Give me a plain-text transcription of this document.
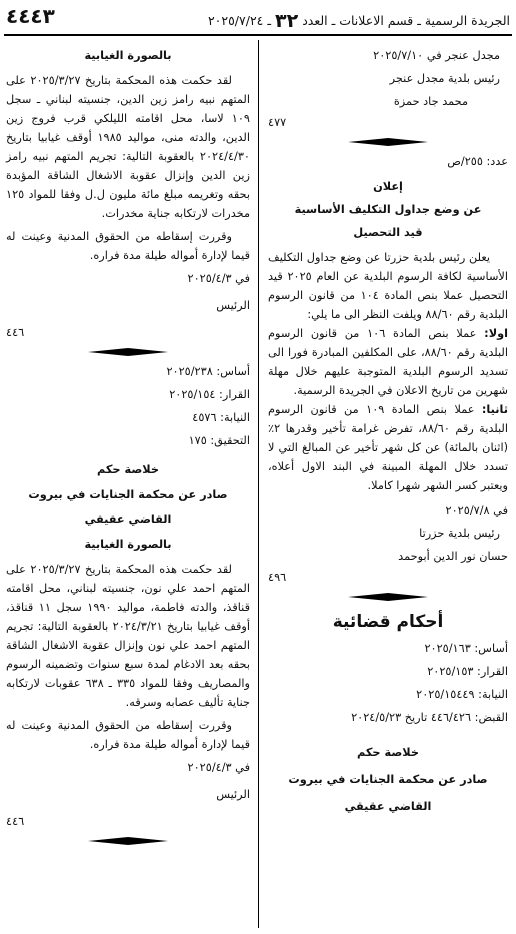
الجريدة الرسمية ـ قسم الاعلانات ـ العدد ٣٢ ـ ٢٠٢٥/٧/٢٤
٤٤٤٣
مجدل عنجر في ٢٠٢٥/٧/١٠
رئيس بلدية مجدل عنجر
محمد جاد حمزة
٤٧٧
عدد: ٢٥٥/ص
إعلان
عن وضع جداول التكليف الأساسية
قيد التحصيل

يعلن رئيس بلدية حزرتا عن وضع جداول التكليف الأساسية لكافة الرسوم البلدية عن العام ٢٠٢٥ قيد التحصيل عملا بنص المادة ١٠٤ من قانون الرسوم البلدية رقم ٨٨/٦٠ ويلفت النظر الى ما يلي:

اولا: عملا بنص المادة ١٠٦ من قانون الرسوم البلدية رقم ٨٨/٦٠، على المكلفين المبادرة فورا الى تسديد الرسوم البلدية المتوجبة عليهم خلال مهلة شهرين من تاريخ الاعلان في الجريدة الرسمية.

ثانيا: عملا بنص المادة ١٠٩ من قانون الرسوم البلدية رقم ٨٨/٦٠، تفرض غرامة تأخير وقدرها ٢٪ (اثنان بالمائة) عن كل شهر تأخير عن المبالغ التي لا تسدد خلال المهلة المبينة في البند الاول أعلاه، ويعتبر كسر الشهر شهرا كاملا.

في ٢٠٢٥/٧/٨
رئيس بلدية حزرتا
حسان نور الدين أبوحمد
٤٩٦
أحكام قضائية
أساس: ٢٠٢٥/١٦٣
القرار: ٢٠٢٥/١٥٣
النيابة: ٢٠٢٥/١٥٤٤٩
القبض: ٤٤٦/٤٢٦ تاريخ ٢٠٢٤/٥/٢٣
خلاصة حكم
صادر عن محكمة الجنايات في بيروت
القاضي عقيقي
بالصورة الغيابية

لقد حكمت هذه المحكمة بتاريخ ٢٠٢٥/٣/٢٧ على المتهم نبيه رامز زين الدين، جنسيته لبناني ـ سجل ١٠٩ لاسا، محل اقامته الليلكي قرب فروج زين الدين، والدته منى، مواليد ١٩٨٥ أوقف غيابيا بتاريخ ٢٠٢٤/٤/٣٠ بالعقوبة التالية: تجريم المتهم نبيه رامز زين الدين وإنزال عقوبة الاشغال الشاقة المؤبدة بحقه وتغريمه مبلغ مائة مليون ل.ل وفقا للمواد ١٢٥ مخدرات لارتكابه جناية مخدرات.

وقررت إسقاطه من الحقوق المدنية وعينت له قيما لإدارة أمواله طيلة مدة فراره.

في ٢٠٢٥/٤/٣
الرئيس
٤٤٦
أساس: ٢٠٢٥/٢٣٨
القرار: ٢٠٢٥/١٥٤
النيابة: ٤٥٧٦
التحقيق: ١٧٥
خلاصة حكم
صادر عن محكمة الجنايات في بيروت
القاضي عقيقي
بالصورة الغيابية

لقد حكمت هذه المحكمة بتاريخ ٢٠٢٥/٣/٢٧ على المتهم احمد علي نون، جنسيته لبناني، محل اقامته قناقذ، والدته فاطمة، مواليد ١٩٩٠ سجل ١١ قناقذ، أوقف غيابيا بتاريخ ٢٠٢٤/٣/٢١ بالعقوبة التالية: تجريم المتهم احمد علي نون وإنزال عقوبة الاشغال الشاقة بحقه بعد الادغام لمدة سبع سنوات وتضمينه الرسوم والمصاريف وفقا للمواد ٣٣٥ ـ ٦٣٨ عقوبات لارتكابه جناية تأليف عصابه وسرقه.

وقررت إسقاطه من الحقوق المدنية وعينت له قيما لإدارة أمواله طيلة مدة فراره.

في ٢٠٢٥/٤/٣
الرئيس
٤٤٦
